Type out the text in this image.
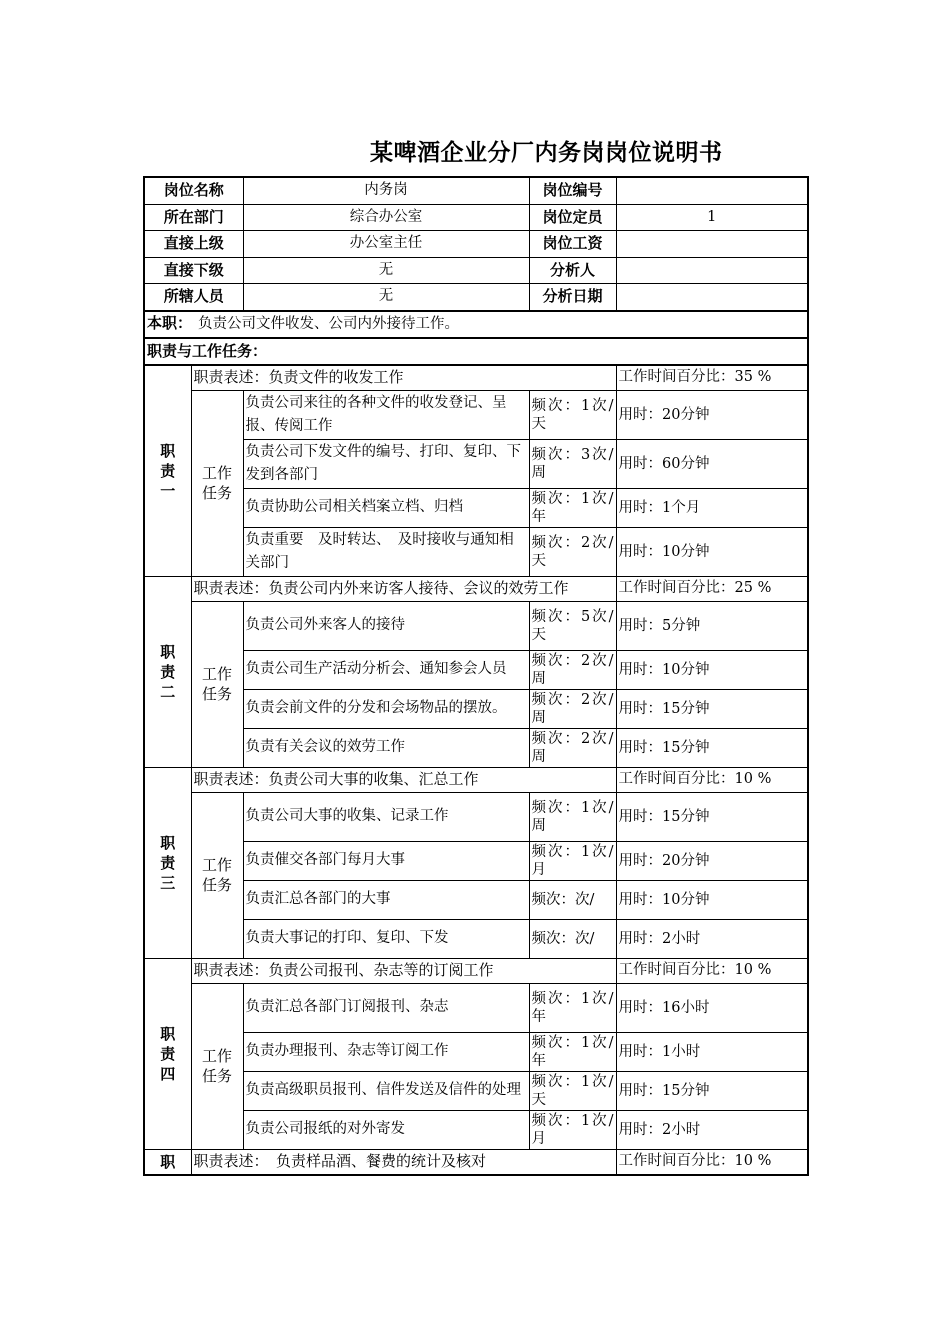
某啤酒企业分厂内务岗岗位说明书
岗位名称		内务岗	岗位编号	
所在部门		综合办公室	岗位定员	1
直接上级		办公室主任	岗位工资	
直接下级		无	分析人	
所辖人员		无	分析日期	
本职： 负责公司文件收发、公司内外接待工作。				
职责与工作任务：				
职责一	职责表述：负责文件的收发工作			工作时间百分比：35 %
	工作任务	负责公司来往的各种文件的收发登记、呈报、传阅工作	频次：1次/天	用时：20分钟
		负责公司下发文件的编号、打印、复印、下发到各部门	频次：3次/周	用时：60分钟
		负责协助公司相关档案立档、归档	频次：1次/年	用时：1个月
		负责重要　及时转达、　及时接收与通知相关部门	频次：2次/天	用时：10分钟
职责二	职责表述：负责公司内外来访客人接待、会议的效劳工作			工作时间百分比：25 %
	工作任务	负责公司外来客人的接待	频次：5次/天	用时：5分钟
		负责公司生产活动分析会、通知参会人员	频次：2次/周	用时：10分钟
		负责会前文件的分发和会场物品的摆放。	频次：2次/周	用时：15分钟
		负责有关会议的效劳工作	频次：2次/周	用时：15分钟
职责三	职责表述：负责公司大事的收集、汇总工作			工作时间百分比：10 %
	工作任务	负责公司大事的收集、记录工作	频次：1次/周	用时：15分钟
		负责催交各部门每月大事	频次：1次/月	用时：20分钟
		负责汇总各部门的大事	频次：次/	用时：10分钟
		负责大事记的打印、复印、下发	频次：次/	用时：2小时
职责四	职责表述：负责公司报刊、杂志等的订阅工作			工作时间百分比：10 %
	工作任务	负责汇总各部门订阅报刊、杂志	频次：1次/年	用时：16小时
		负责办理报刊、杂志等订阅工作	频次：1次/年	用时：1小时
		负责高级职员报刊、信件发送及信件的处理	频次：1次/天	用时：15分钟
		负责公司报纸的对外寄发	频次：1次/月	用时：2小时
职	职责表述：　负责样品酒、餐费的统计及核对			工作时间百分比：10 %
